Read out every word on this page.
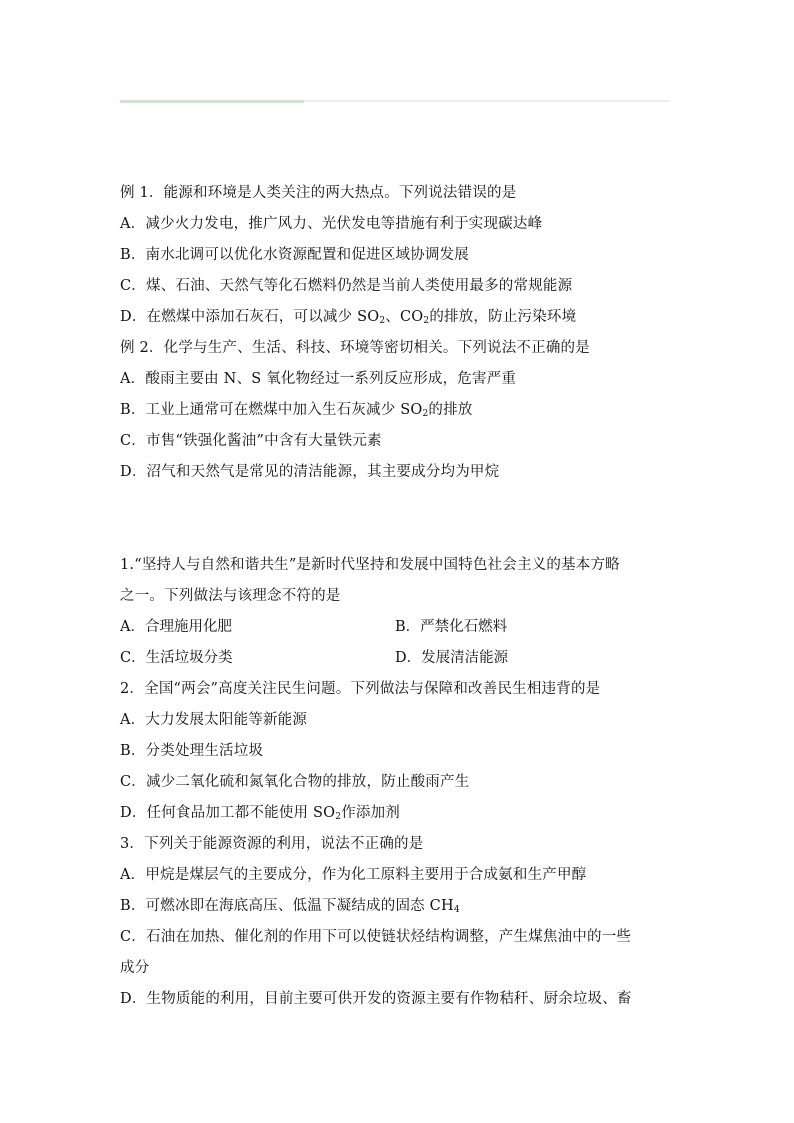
例 1．能源和环境是人类关注的两大热点。下列说法错误的是
A．减少火力发电，推广风力、光伏发电等措施有利于实现碳达峰
B．南水北调可以优化水资源配置和促进区域协调发展
C．煤、石油、天然气等化石燃料仍然是当前人类使用最多的常规能源
D．在燃煤中添加石灰石，可以减少 $SO_2$、$CO_2$的排放，防止污染环境
例 2．化学与生产、生活、科技、环境等密切相关。下列说法不正确的是
A．酸雨主要由 N、S 氧化物经过一系列反应形成，危害严重
B．工业上通常可在燃煤中加入生石灰减少 $SO_2$的排放
C．市售“铁强化酱油”中含有大量铁元素
D．沼气和天然气是常见的清洁能源，其主要成分均为甲烷
1.“坚持人与自然和谐共生”是新时代坚持和发展中国特色社会主义的基本方略
之一。下列做法与该理念不符的是
A．合理施用化肥	B．严禁化石燃料
C．生活垃圾分类	D．发展清洁能源
2．全国“两会”高度关注民生问题。下列做法与保障和改善民生相违背的是
A．大力发展太阳能等新能源
B．分类处理生活垃圾
C．减少二氧化硫和氮氧化合物的排放，防止酸雨产生
D．任何食品加工都不能使用 $SO_2$作添加剂
3．下列关于能源资源的利用，说法不正确的是
A．甲烷是煤层气的主要成分，作为化工原料主要用于合成氨和生产甲醇
B．可燃冰即在海底高压、低温下凝结成的固态 $CH_4$
C．石油在加热、催化剂的作用下可以使链状烃结构调整，产生煤焦油中的一些
成分
D．生物质能的利用，目前主要可供开发的资源主要有作物秸秆、厨余垃圾、畜
